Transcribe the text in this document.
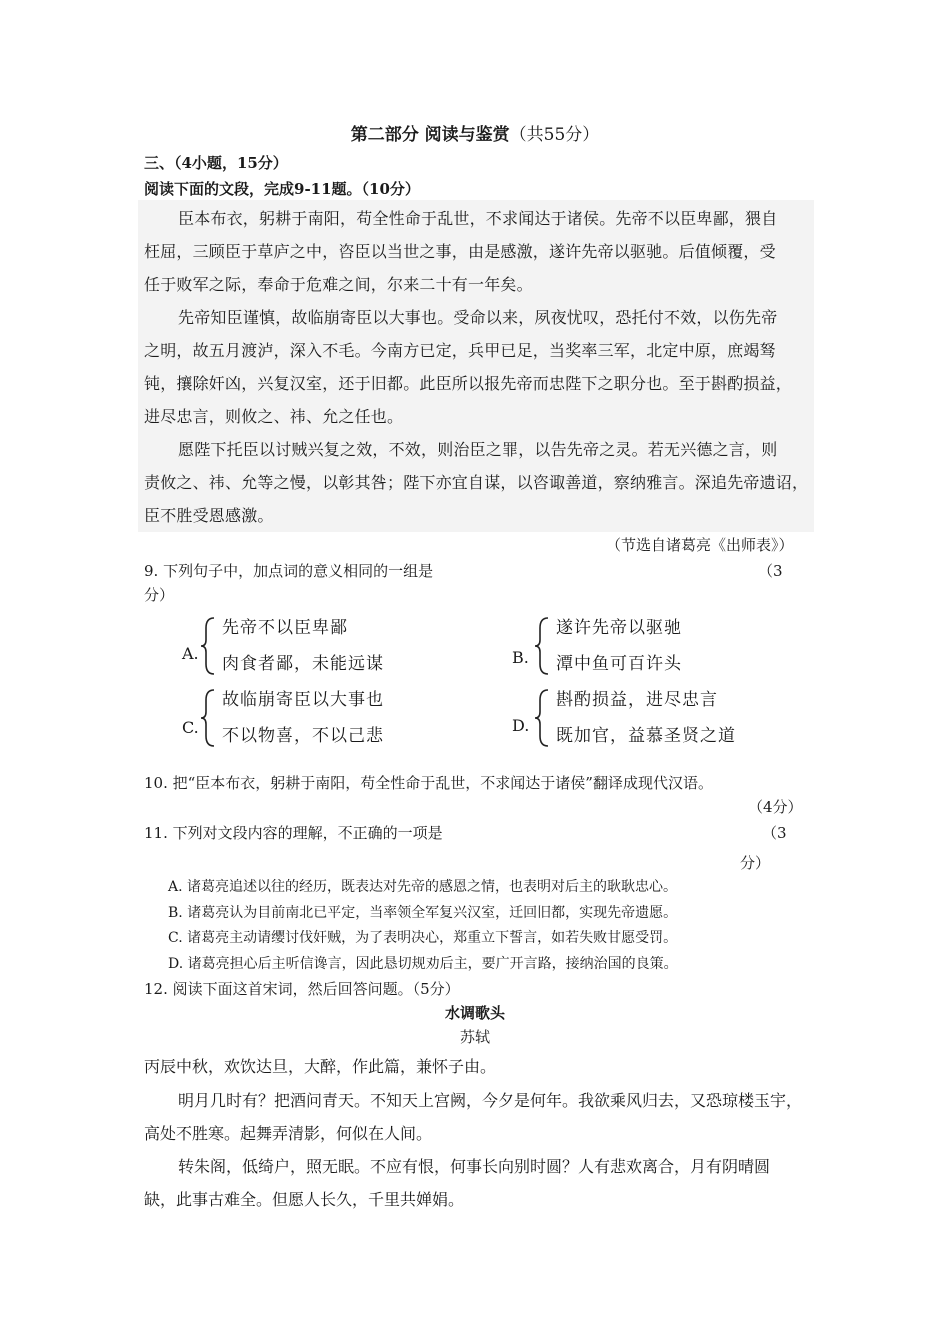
第二部分 阅读与鉴赏（共55分）
三、（4小题，15分）
阅读下面的文段，完成9-11题。（10分）
臣本布衣，躬耕于南阳，苟全性命于乱世，不求闻达于诸侯。先帝不以臣卑鄙，猥自
枉屈，三顾臣于草庐之中，咨臣以当世之事，由是感激，遂许先帝以驱驰。后值倾覆，受
任于败军之际，奉命于危难之间，尔来二十有一年矣。
先帝知臣谨慎，故临崩寄臣以大事也。受命以来，夙夜忧叹，恐托付不效，以伤先帝
之明，故五月渡泸，深入不毛。今南方已定，兵甲已足，当奖率三军，北定中原，庶竭驽
钝，攘除奸凶，兴复汉室，还于旧都。此臣所以报先帝而忠陛下之职分也。至于斟酌损益，
进尽忠言，则攸之、祎、允之任也。
愿陛下托臣以讨贼兴复之效，不效，则治臣之罪，以告先帝之灵。若无兴德之言，则
责攸之、祎、允等之慢，以彰其咎；陛下亦宜自谋，以咨诹善道，察纳雅言。深追先帝遗诏，
臣不胜受恩感激。
（节选自诸葛亮《出师表》）
9. 下列句子中，加点词的意义相同的一组是	（3
分）
A.
先帝不以臣卑鄙
肉食者鄙，未能远谋	B.
遂许先帝以驱驰
潭中鱼可百许头
C.
故临崩寄臣以大事也
不以物喜，不以己悲
D.
斟酌损益，进尽忠言
既加官，益慕圣贤之道
10. 把“臣本布衣，躬耕于南阳，苟全性命于乱世，不求闻达于诸侯”翻译成现代汉语。
（4分）
11. 下列对文段内容的理解，不正确的一项是	（3
分）
A. 诸葛亮追述以往的经历，既表达对先帝的感恩之情，也表明对后主的耿耿忠心。
B. 诸葛亮认为目前南北已平定，当率领全军复兴汉室，迁回旧都，实现先帝遗愿。
C. 诸葛亮主动请缨讨伐奸贼，为了表明决心，郑重立下誓言，如若失败甘愿受罚。
D. 诸葛亮担心后主听信谗言，因此恳切规劝后主，要广开言路，接纳治国的良策。
12. 阅读下面这首宋词，然后回答问题。（5分）
水调歌头
苏轼
丙辰中秋，欢饮达旦，大醉，作此篇，兼怀子由。
明月几时有？把酒问青天。不知天上宫阙，今夕是何年。我欲乘风归去，又恐琼楼玉宇，
高处不胜寒。起舞弄清影，何似在人间。
转朱阁，低绮户，照无眠。不应有恨，何事长向别时圆？人有悲欢离合，月有阴晴圆
缺，此事古难全。但愿人长久，千里共婵娟。
